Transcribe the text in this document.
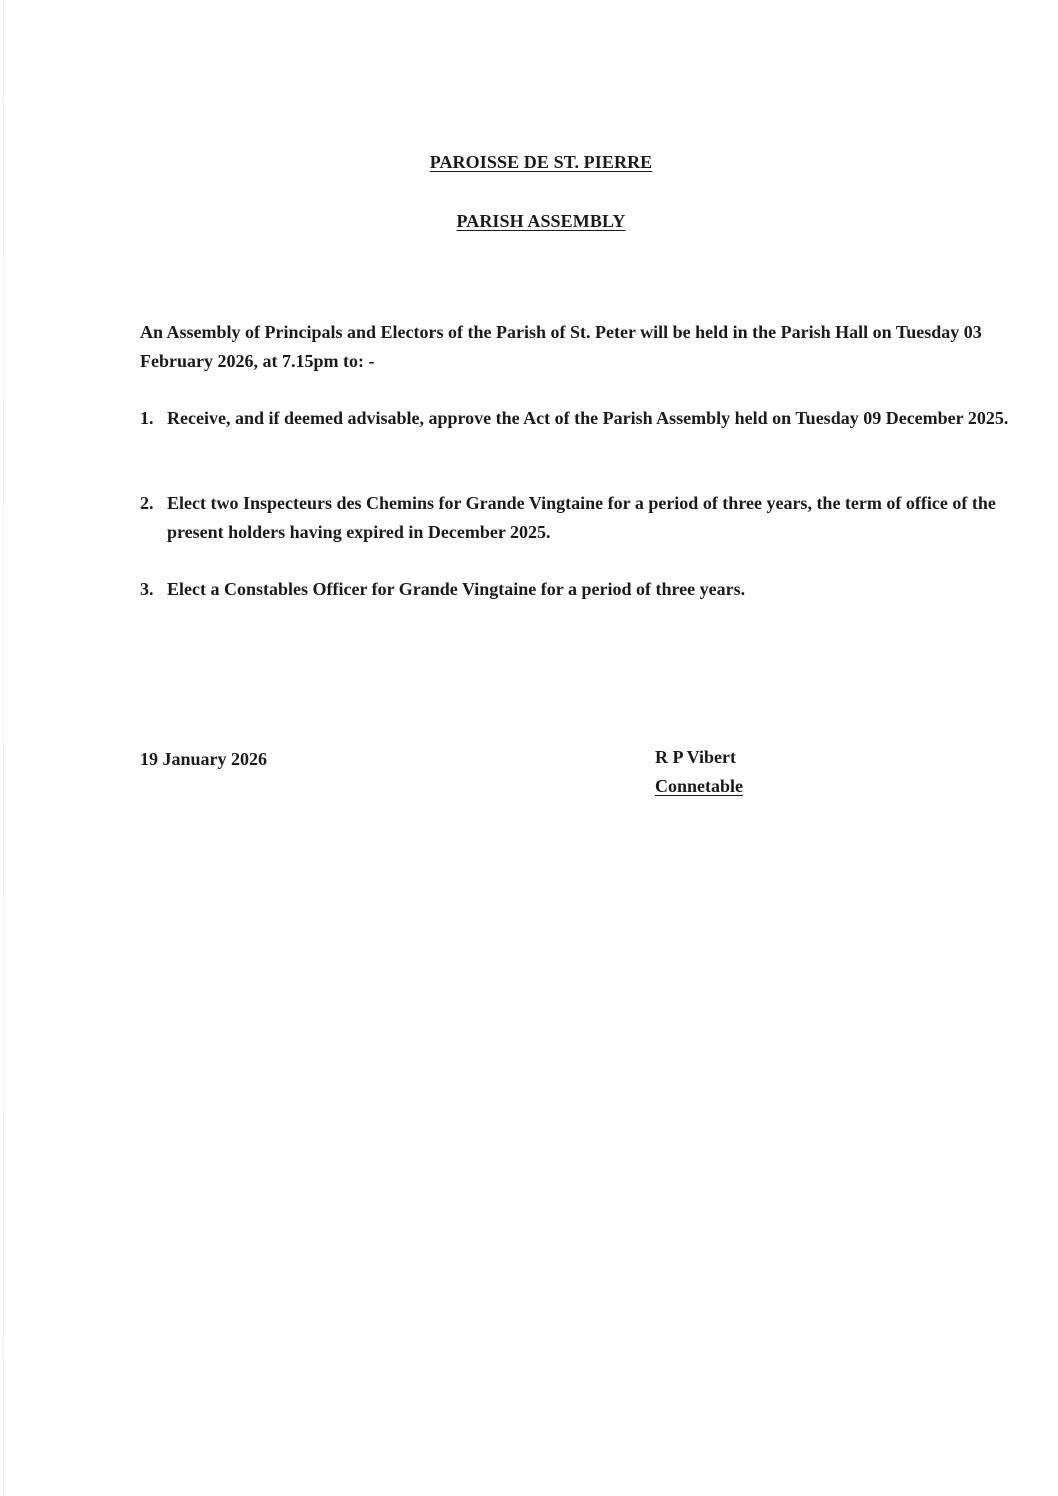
PAROISSE DE ST. PIERRE
PARISH ASSEMBLY

An Assembly of Principals and Electors of the Parish of St. Peter will be held in the Parish Hall on Tuesday 03 February 2026, at 7.15pm to: -

1. Receive, and if deemed advisable, approve the Act of the Parish Assembly held on Tuesday 09 December 2025.
2. Elect two Inspecteurs des Chemins for Grande Vingtaine for a period of three years, the term of office of the present holders having expired in December 2025.
3. Elect a Constables Officer for Grande Vingtaine for a period of three years.
19 January 2026	R P Vibert
Connetable
